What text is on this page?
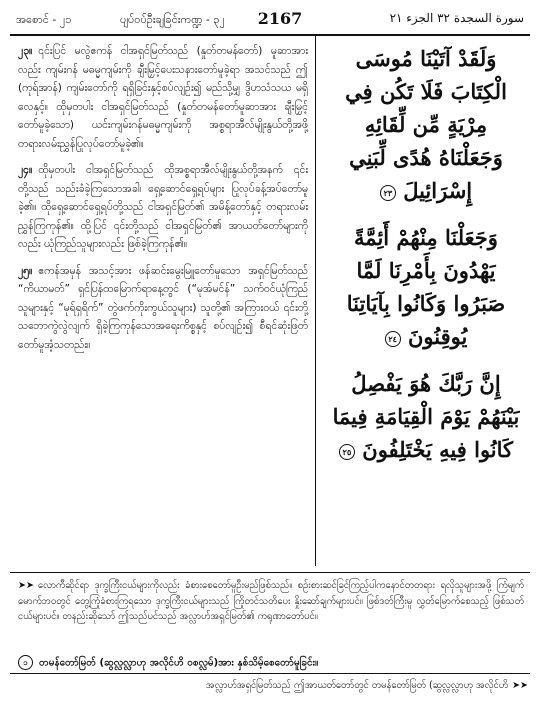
အစောင် - ၂၁	ပျပ်ဝပ်ဦးချခြင်းကဏ္ဍ - ၃၂	2167	سورة السجدة ٣٢ الجزء ٢١

၂၃။ ၎င်းပြင် မလွဲဧကန် ငါအရှင်မြတ်သည် (နှုတ်တမန်တော်) မူဆာအားလည်း ကျမ်းဂန် မဓမ္မကျမ်းကို ချီးမြှင့်ပေးသနားတော်မူခဲ့ရာ အသင်သည် ဤ (ကုရ်အာန်) ကျမ်းတော်ကို ရရှိခြင်းနှင့်စပ်လျဉ်း၍ မည်သို့မျှ ဒွိဟသံသယ မရှိလေနှင့်။ ထိုမှတပါး ငါအရှင်မြတ်သည် (နှုတ်တမန်တော်မူဆာအား ချီးမြှင့်တော်မူခဲ့သော) ယင်းကျမ်းဂန်မဓမ္မကျမ်းကို အစ္စရာအီလ်မျိုးနွယ်တို့အဖို့ တရားလမ်းညွှန်ပြုလုပ်တော်မူခဲ့၏။

၂၄။ ထိုမှတပါး ငါအရှင်မြတ်သည် ထိုအစ္စရာအီလ်မျိုးနွယ်တို့အနက် ၎င်းတို့သည် သည်းခံခဲ့ကြသောအခါ၊ ရှေ့ဆောင်ရှေ့ရပ်များ ပြုလုပ်ခန့်အပ်တော်မူခဲ့၏။ ထိုရှေ့ဆောင်ရှေ့ရပ်တို့သည် ငါအရှင်မြတ်၏ အမိန့်တော်နှင့် တရားလမ်းညွှန်ကြကုန်၏။ ထို့ပြင် ၎င်းတို့သည် ငါအရှင်မြတ်၏ အာယတ်တော်များကိုလည်း ယုံကြည်သူများလည်း ဖြစ်ခဲ့ကြကုန်၏။

၂၅။ ဧကန်အမှန် အသင့်အား ဖန်ဆင်းမွေးမြူတော်မူသော အရှင်မြတ်သည် “ကိယာမတ်” ရှင်ပြန်ထမြောက်ရာနေ့တွင် (“မုအ်မင်န်” သက်ဝင်ယုံကြည်သူများနှင့် “မုရ်ရှရိက်” တွဲဖက်ကိုးကွယ်သူများ) သူတို့၏ အကြားဝယ် ၎င်းတို့ သဘောကွဲလွဲလျက် ရှိခဲ့ကြကုန်သောအရေးကိစ္စနှင့် စပ်လျဉ်း၍ စီရင်ဆုံးဖြတ်တော်မူအံ့သတည်း။

وَلَقَدْ آتَيْنَا مُوسَى
الْكِتَابَ فَلَا تَكُن فِي
مِرْيَةٍ مِّن لِّقَائِهِ
وَجَعَلْنَاهُ هُدًى لِّبَنِي
إِسْرَائِيلَ ٢٣
وَجَعَلْنَا مِنْهُمْ أَئِمَّةً
يَهْدُونَ بِأَمْرِنَا لَمَّا
صَبَرُوا وَكَانُوا بِآيَاتِنَا
يُوقِنُونَ ٢٤
إِنَّ رَبَّكَ هُوَ يَفْصِلُ
بَيْنَهُمْ يَوْمَ الْقِيَامَةِ فِيمَا
كَانُوا فِيهِ يَخْتَلِفُونَ ٢٥
➤➤ လောကီဆိုင်ရာ ဒုက္ခကြီးငယ်များကိုလည်း ခံစားစေတော်မူဦးမည်ဖြစ်သည်။ စဉ်းစားဆင်ခြင်ကြည့်ပါကနောင်တတရား ရလိုသူများအဖို့ ကြံမျက်မောက်ဘဝတွင် တွေ့ကြုံခံစားကြရသော ဒုက္ခကြီးငယ်များသည် ကြိုတင်သတိပေး နှိုးဆော်ချက်များပင်။ ဖြစ်ဒတ်ကြီးမူ လွှတ်မြောက်စေသည့် ဖြစ်သတ်ငယ်များပင်။ တနည်းဆိုသော် ဤသည်ပင်သည် အလ္လာဟ်အရှင်မြတ်၏ ကရုဏာတော်ပင်။
၁ တမန်တော်မြတ် (ဆွလ္လလ္လာဟု အလိုင်ဟိ ဝစလ္လမ်)အား နှစ်သိမ့်စေတော်မူခြင်း။
အလ္လာဟ်အရှင်မြတ်သည် ဤအာယတ်တော်တွင် တမန်တော်မြတ် (ဆွလ္လလ္လာဟု အလိုင်ဟိ ➤➤
